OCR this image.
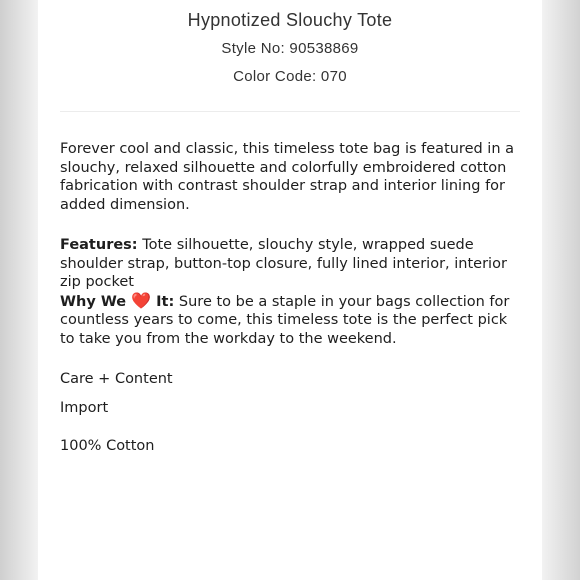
Hypnotized Slouchy Tote
Style No: 90538869
Color Code: 070

Forever cool and classic, this timeless tote bag is featured in a slouchy, relaxed silhouette and colorfully embroidered cotton fabrication with contrast shoulder strap and interior lining for added dimension.

Features: Tote silhouette, slouchy style, wrapped suede shoulder strap, button-top closure, fully lined interior, interior zip pocket

Why We ❤️ It: Sure to be a staple in your bags collection for countless years to come, this timeless tote is the perfect pick to take you from the workday to the weekend.

Care + Content

Import

100% Cotton
